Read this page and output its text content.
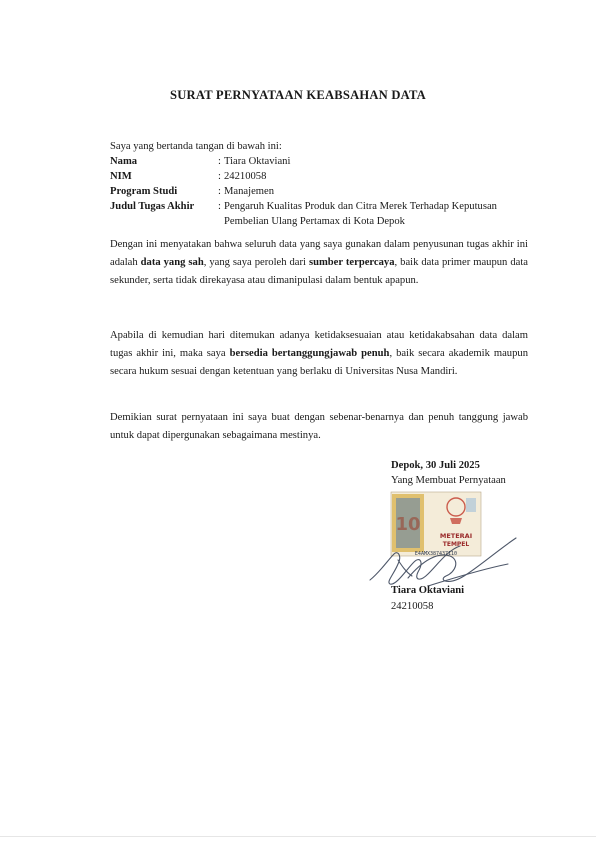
SURAT PERNYATAAN KEABSAHAN DATA
Saya yang bertanda tangan di bawah ini:
Nama	: Tiara Oktaviani
NIM	: 24210058
Program Studi	: Manajemen
Judul Tugas Akhir	: Pengaruh Kualitas Produk dan Citra Merek Terhadap Keputusan Pembelian Ulang Pertamax di Kota Depok
Dengan ini menyatakan bahwa seluruh data yang saya gunakan dalam penyusunan tugas akhir ini adalah data yang sah, yang saya peroleh dari sumber terpercaya, baik data primer maupun data sekunder, serta tidak direkayasa atau dimanipulasi dalam bentuk apapun.
Apabila di kemudian hari ditemukan adanya ketidaksesuaian atau ketidakabsahan data dalam tugas akhir ini, maka saya bersedia bertanggungjawab penuh, baik secara akademik maupun secara hukum sesuai dengan ketentuan yang berlaku di Universitas Nusa Mandiri.
Demikian surat pernyataan ini saya buat dengan sebenar-benarnya dan penuh tanggung jawab untuk dapat dipergunakan sebagaimana mestinya.
Depok, 30 Juli 2025
Yang Membuat Pernyataan
10
METERAI
TEMPEL
E4AMX387437110
Tiara Oktaviani
24210058
